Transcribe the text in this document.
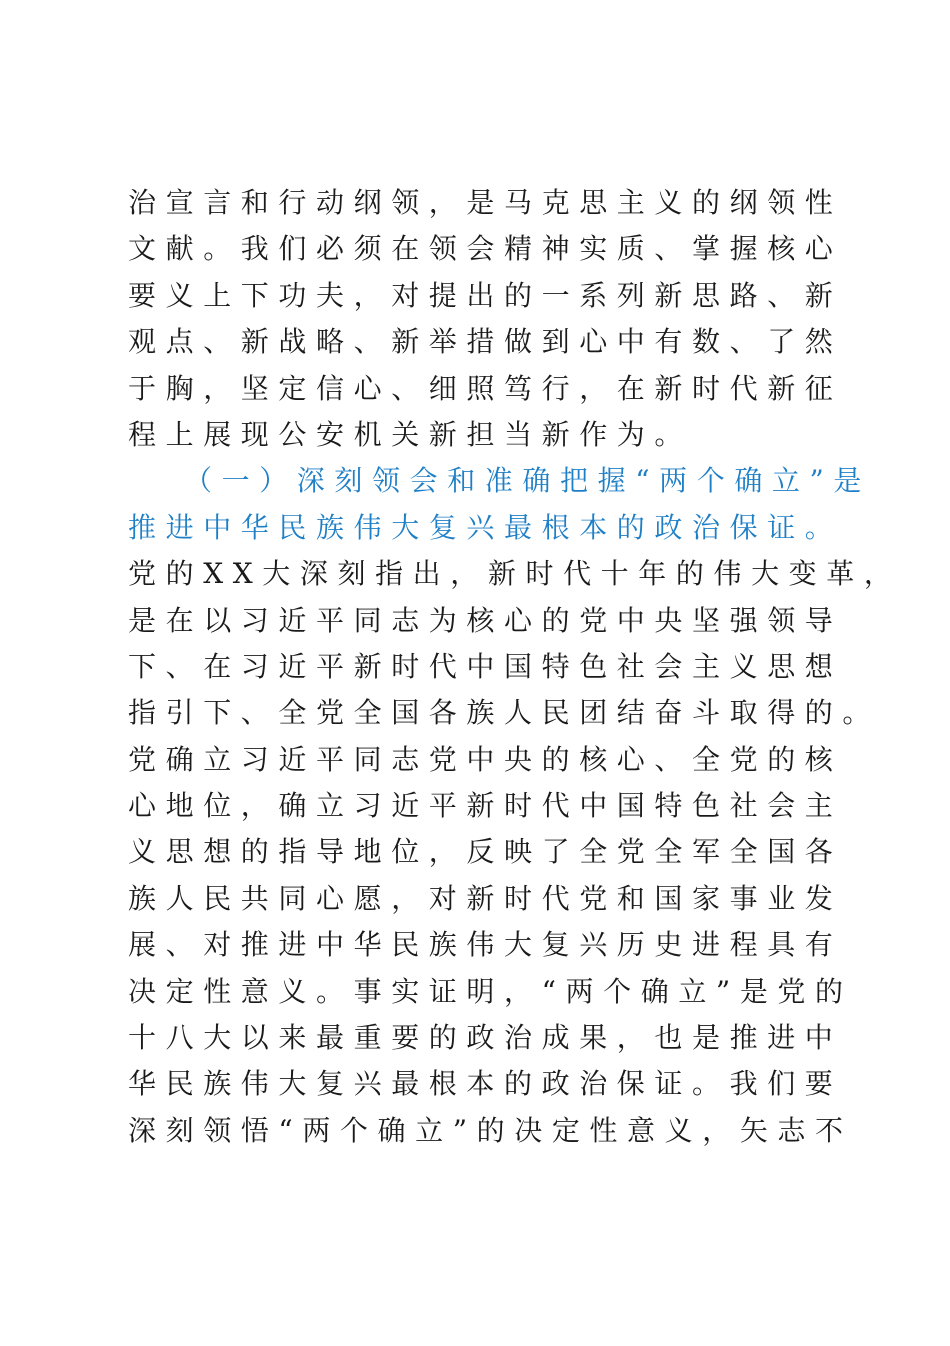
治宣言和行动纲领，是马克思主义的纲领性
文献。我们必须在领会精神实质、掌握核心
要义上下功夫，对提出的一系列新思路、新
观点、新战略、新举措做到心中有数、了然
于胸，坚定信心、细照笃行，在新时代新征
程上展现公安机关新担当新作为。
（一）深刻领会和准确把握“两个确立”是
推进中华民族伟大复兴最根本的政治保证。
党的XX大深刻指出，新时代十年的伟大变革，
是在以习近平同志为核心的党中央坚强领导
下、在习近平新时代中国特色社会主义思想
指引下、全党全国各族人民团结奋斗取得的。
党确立习近平同志党中央的核心、全党的核
心地位，确立习近平新时代中国特色社会主
义思想的指导地位，反映了全党全军全国各
族人民共同心愿，对新时代党和国家事业发
展、对推进中华民族伟大复兴历史进程具有
决定性意义。事实证明，“两个确立”是党的
十八大以来最重要的政治成果，也是推进中
华民族伟大复兴最根本的政治保证。我们要
深刻领悟“两个确立”的决定性意义，矢志不
